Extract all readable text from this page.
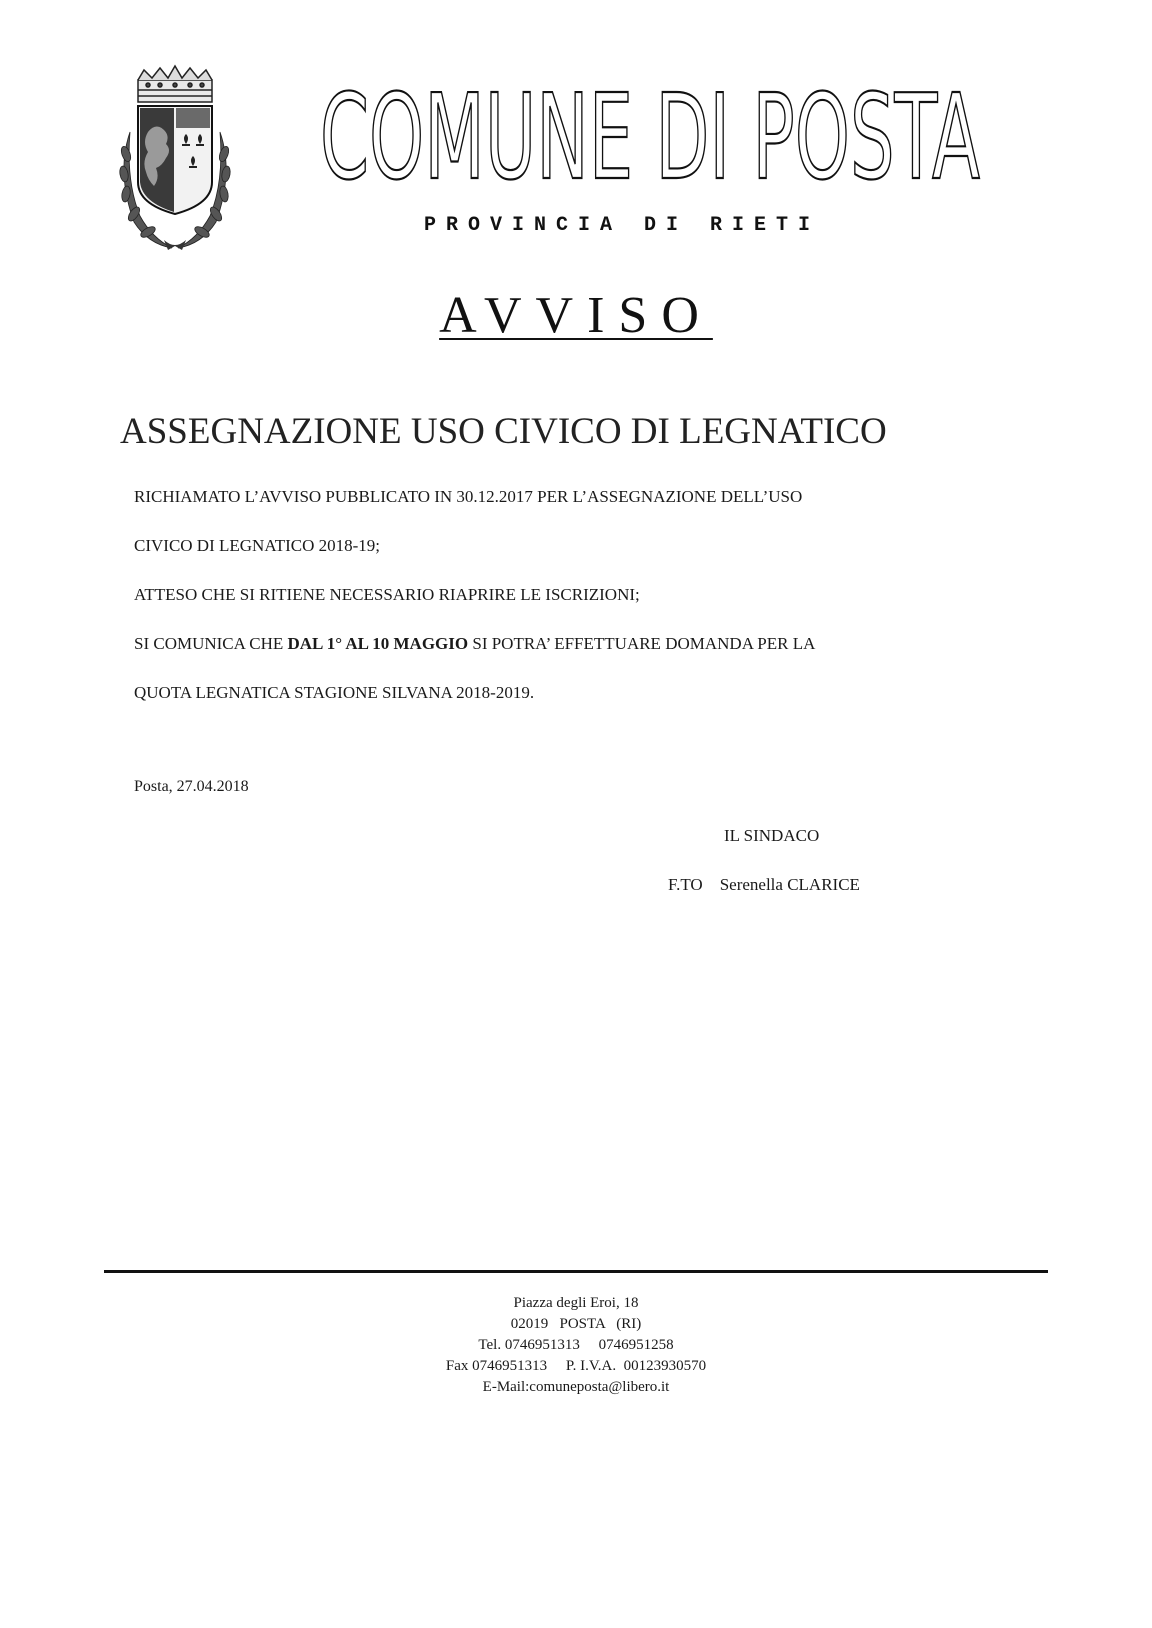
COMUNE DI POSTA
PROVINCIA DI RIETI
AVVISO
ASSEGNAZIONE USO CIVICO DI LEGNATICO
RICHIAMATO L’AVVISO PUBBLICATO IN 30.12.2017 PER L’ASSEGNAZIONE DELL’USO
CIVICO DI LEGNATICO 2018-19;
ATTESO CHE SI RITIENE NECESSARIO RIAPRIRE LE ISCRIZIONI;
SI COMUNICA CHE DAL 1° AL 10 MAGGIO SI POTRA’ EFFETTUARE DOMANDA PER LA
QUOTA LEGNATICA STAGIONE SILVANA 2018-2019.
Posta, 27.04.2018
IL SINDACO
F.TO    Serenella CLARICE
Piazza degli Eroi, 18
02019   POSTA   (RI)
Tel. 0746951313     0746951258
Fax 0746951313     P. I.V.A.  00123930570
E-Mail:comuneposta@libero.it
